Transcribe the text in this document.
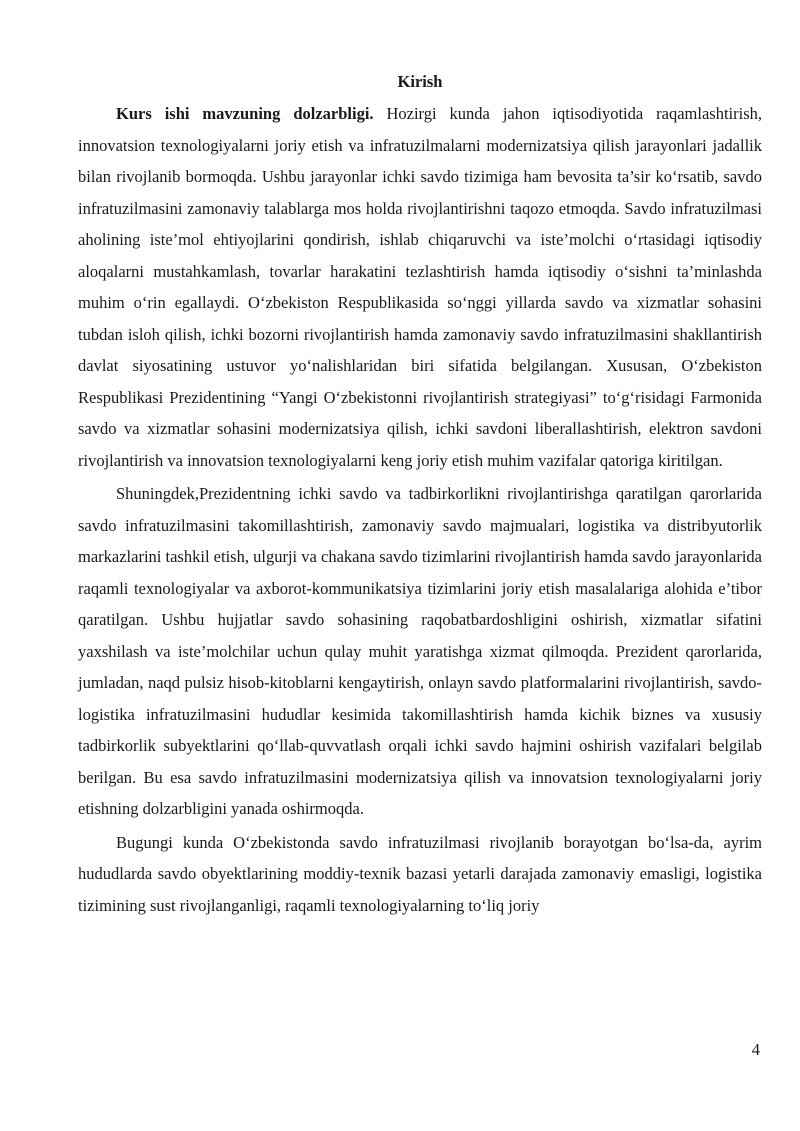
Kirish

Kurs ishi mavzuning dolzarbligi. Hozirgi kunda jahon iqtisodiyotida raqamlashtirish, innovatsion texnologiyalarni joriy etish va infratuzilmalarni modernizatsiya qilish jarayonlari jadallik bilan rivojlanib bormoqda. Ushbu jarayonlar ichki savdo tizimiga ham bevosita ta’sir ko‘rsatib, savdo infratuzilmasini zamonaviy talablarga mos holda rivojlantirishni taqozo etmoqda. Savdo infratuzilmasi aholining iste’mol ehtiyojlarini qondirish, ishlab chiqaruvchi va iste’molchi o‘rtasidagi iqtisodiy aloqalarni mustahkamlash, tovarlar harakatini tezlashtirish hamda iqtisodiy o‘sishni ta’minlashda muhim o‘rin egallaydi. O‘zbekiston Respublikasida so‘nggi yillarda savdo va xizmatlar sohasini tubdan isloh qilish, ichki bozorni rivojlantirish hamda zamonaviy savdo infratuzilmasini shakllantirish davlat siyosatining ustuvor yo‘nalishlaridan biri sifatida belgilangan. Xususan, O‘zbekiston Respublikasi Prezidentining “Yangi O‘zbekistonni rivojlantirish strategiyasi” to‘g‘risidagi Farmonida savdo va xizmatlar sohasini modernizatsiya qilish, ichki savdoni liberallashtirish, elektron savdoni rivojlantirish va innovatsion texnologiyalarni keng joriy etish muhim vazifalar qatoriga kiritilgan.

Shuningdek,Prezidentning ichki savdo va tadbirkorlikni rivojlantirishga qaratilgan qarorlarida savdo infratuzilmasini takomillashtirish, zamonaviy savdo majmualari, logistika va distribyutorlik markazlarini tashkil etish, ulgurji va chakana savdo tizimlarini rivojlantirish hamda savdo jarayonlarida raqamli texnologiyalar va axborot-kommunikatsiya tizimlarini joriy etish masalalariga alohida e’tibor qaratilgan. Ushbu hujjatlar savdo sohasining raqobatbardoshligini oshirish, xizmatlar sifatini yaxshilash va iste’molchilar uchun qulay muhit yaratishga xizmat qilmoqda. Prezident qarorlarida, jumladan, naqd pulsiz hisob-kitoblarni kengaytirish, onlayn savdo platformalarini rivojlantirish, savdo-logistika infratuzilmasini hududlar kesimida takomillashtirish hamda kichik biznes va xususiy tadbirkorlik subyektlarini qo‘llab-quvvatlash orqali ichki savdo hajmini oshirish vazifalari belgilab berilgan. Bu esa savdo infratuzilmasini modernizatsiya qilish va innovatsion texnologiyalarni joriy etishning dolzarbligini yanada oshirmoqda.

Bugungi kunda O‘zbekistonda savdo infratuzilmasi rivojlanib borayotgan bo‘lsa-da, ayrim hududlarda savdo obyektlarining moddiy-texnik bazasi yetarli darajada zamonaviy emasligi, logistika tizimining sust rivojlanganligi, raqamli texnologiyalarning to‘liq joriy

4
